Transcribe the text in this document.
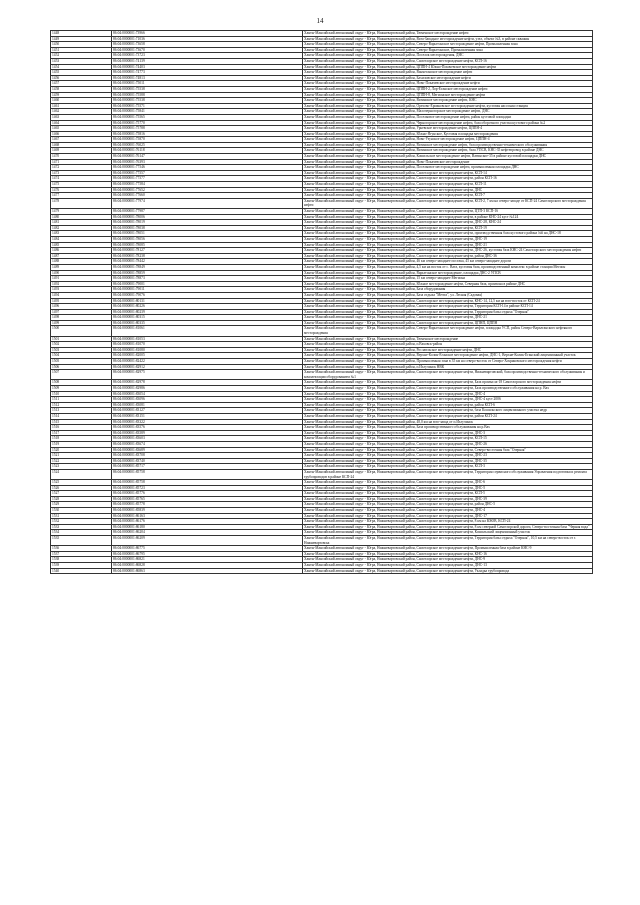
14
1448	86:04:0000001:73966	Ханты-Мансийский автономный округ - Югра, Нижневартовский район, Тюменское месторождение нефти
1449	86:04:0000001:71036	Ханты-Мансийский автономный округ - Югра, Нижневартовский район, Вата-Западное месторождение нефти, узел, объект №3, в районе скважин
1450	86:04:0000001:73658	Ханты-Мансийский автономный округ - Югра, Нижневартовский район, Северо-Варьеганское месторождение нефти, Промышленная зона
1451	86:04:0000001:73670	Ханты-Мансийский автономный округ - Югра, Нижневартовский район, Северо-Варьеганское, Промышленная зона
1452	86:04:0000001:73723	Ханты-Мансийский автономный округ - Югра, Нижневартовский район, Поселок месторождения, ДНС
1453	86:04:0000001:74139	Ханты-Мансийский автономный округ - Югра, Нижневартовский район, Самотлорское месторождение нефти, КСП-16
1454	86:04:0000001:74403	Ханты-Мансийский автономный округ - Югра, Нижневартовский район, ЦППН-4 Южно-Покачевское месторождение нефти
1455	86:04:0000001:74773	Ханты-Мансийский автономный округ - Югра, Нижневартовский район, Ванъеганское месторождение нефти
1456	86:04:0000001:74813	Ханты-Мансийский автономный округ - Югра, Нижневартовский район, Бахиловское месторождение нефти
1457	86:04:0000001:75011	Ханты-Мансийский автономный округ - Югра, Нижневартовский район, Ново-Покачевское месторождение нефти
1458	86:04:0000001:75538	Ханты-Мансийский автономный округ - Югра, Нижневартовский район, ЦППН-2, Лор-Еганское месторождение нефти
1459	86:04:0000001:75588	Ханты-Мансийский автономный округ - Югра, Нижневартовский район, ЦППН-8, Мегионское месторождение нефти
1460	86:04:0000001:75538	Ханты-Мансийский автономный округ - Югра, Нижневартовский район, Ватинское месторождение нефти, КНС
1461	86:04:0000001:75571	Ханты-Мансийский автономный округ - Югра, Нижневартовский район, Орехово-Ермаковское месторождение нефти, кустовая насосная станция
1462	86:04:0000001:75841	Ханты-Мансийский автономный округ - Югра, Нижневартовский район, Малочерногорское месторождение нефти, ДНС
1463	86:04:0000001:75565	Ханты-Мансийский автономный округ - Югра, Нижневартовский район, Поселковое месторождение нефти, район кустовой площадки
1464	86:04:0000001:75770	Ханты-Мансийский автономный округ - Югра, Нижневартовский район, Черногорское месторождение нефти, база оборотного участка кустового района №2
1465	86:04:0000001:75788	Ханты-Мансийский автономный округ - Югра, Нижневартовский район, Урьевское месторождение нефти, ЦППН-4
1466	86:04:0000001:75816	Ханты-Мансийский автономный округ - Югра, Нижневартовский район, Южно-Ягунское, Кустовая площадка месторождения
1467	86:04:0000001:75870	Ханты-Мансийский автономный округ - Югра, Нижневартовский район, Ново-Узунское месторождение нефти, ЦППН-4
1468	86:04:0000001:76025	Ханты-Мансийский автономный округ - Югра, Нижневартовский район, Ватинское месторождение нефти, база производственно-технического обслуживания
1469	86:04:0000001:76118	Ханты-Мансийский автономный округ - Югра, Нижневартовский район, Ватинское месторождение нефти, база УПСВ, КНС-35 нефтепровод в районе ДНС
1470	86:04:0000001:76147	Ханты-Мансийский автономный округ - Югра, Нижневартовский район, Кошильское месторождение нефти, Ватинское-35 в районе кустовой площадки ДНС
1471	86:04:0000001:76393	Ханты-Мансийский автономный округ - Югра, Нижневартовский район, Ново-Покачевское месторождение
1472	86:04:0000001:77546	Ханты-Мансийский автономный округ - Югра, Нижневартовский район, Поселковое месторождение нефти, промышленная площадка ДНС
1473	86:04:0000001:77557	Ханты-Мансийский автономный округ - Югра, Нижневартовский район, Самотлорское месторождение нефти, КСП-14
1474	86:04:0000001:77577	Ханты-Мансийский автономный округ - Югра, Нижневартовский район, Самотлорское месторождение нефти, район КСП-16
1475	86:04:0000001:77584	Ханты-Мансийский автономный округ - Югра, Нижневартовский район, Самотлорское месторождение нефти, КСП-11
1476	86:04:0000001:77652	Ханты-Мансийский автономный округ - Югра, Нижневартовский район, Самотлорское месторождение нефти, ДНС
1477	86:04:0000001:77660	Ханты-Мансийский автономный округ - Югра, Нижневартовский район, Самотлорское месторождение нефти, КСП-7
1478	86:04:0000001:77974	Ханты-Мансийский автономный округ - Югра, Нижневартовский район, Самотлорское месторождение нефти, КСП-2, 7 км на северо-западе от КСП-24 Самотлорского месторождения нефти
1479	86:04:0000001:77987	Ханты-Мансийский автономный округ - Югра, Нижневартовский район, Самотлорское месторождение нефти, ЦТП-3 КСП-16
1480	86:04:0000001:78006	Ханты-Мансийский автономный округ - Югра, Нижневартовский район, Самотлорское месторождение нефти, в районе КНС-24 куст №124
1481	86:04:0000001:78019	Ханты-Мансийский автономный округ - Югра, Нижневартовский район, Самотлорское месторождение нефти, ДНС-28, КНС-24
1482	86:04:0000001:78038	Ханты-Мансийский автономный округ - Югра, Нижневартовский район, Самотлорское месторождение нефти, КСП-19
1483	86:04:0000001:78051	Ханты-Мансийский автономный округ - Югра, Нижневартовский район, Самотлорское месторождение нефти, производственная база кустового района №6 на ДНС-18
1484	86:04:0000001:78056	Ханты-Мансийский автономный округ - Югра, Нижневартовский район, Самотлорское месторождение нефти, ДНС-19
1485	86:04:0000001:78085	Ханты-Мансийский автономный округ - Югра, Нижневартовский район, Самотлорское месторождение нефти, ДНС-21
1486	86:04:0000001:78127	Ханты-Мансийский автономный округ - Югра, Нижневартовский район, Самотлорское месторождение нефти, ДНС-26, кустовая база КНС-24 Самотлорского месторождения нефти
1487	86:04:0000001:78238	Ханты-Мансийский автономный округ - Югра, Нижневартовский район, Самотлорское месторождение нефти, район ДНС-36
1488	86:04:0000001:78442	Ханты-Мансийский автономный округ - Югра, Нижневартовский район, 46 км северо-западнее поселка, 45 км северо-западнее дороги
1489	86:04:0000001:78849	Ханты-Мансийский автономный округ - Югра, Нижневартовский район, 4,5 км на восток от с. Вата, кустовая база, производственный комплекс в районе станции Мегион
1490	86:04:0000001:78859	Ханты-Мансийский автономный округ - Югра, Нижневартовский район, Варьеганское месторождение, площадка ДНС-2 УПСВ
1491	86:04:0000001:78873	Ханты-Мансийский автономный округ - Югра, Нижневартовский район, 15 км северо-западнее Мегиона
1492	86:04:0000001:79001	Ханты-Мансийский автономный округ - Югра, Нижневартовский район, Южное месторождение нефти, Северная база, промзона в районе ДНС
1493	86:04:0000001:79011	Ханты-Мансийский автономный округ - Югра, Нижневартовский район, База оборудования
1494	86:04:0000001:79076	Ханты-Мансийский автономный округ - Югра, Нижневартовский район, База отдыха "Мечта", ул. Лесная (Садовая)
1495	86:04:0000001:80131	Ханты-Мансийский автономный округ - Югра, Нижневартовский район, Самотлорское месторождение нефти, КНС-14, 12,5 км на юго-восток от КСП-24
1496	86:04:0000001:80226	Ханты-Мансийский автономный округ - Югра, Нижневартовский район, Самотлорское месторождение нефти, Территория КСП-14 в районе КСП-14
1497	86:04:0000001:80239	Ханты-Мансийский автономный округ - Югра, Нижневартовский район, Самотлорское месторождение нефти, Территория базы отдыха "Озерная"
1498	86:04:0000001:80315	Ханты-Мансийский автономный округ - Югра, Нижневартовский район, Самотлорское месторождение нефти, ДНС-21
1499	86:04:0000001:80335	Ханты-Мансийский автономный округ - Югра, Нижневартовский район, Самотлорское месторождение нефти, ЦПНП, ЦППН
1500	86:04:0000001:81061	Ханты-Мансийский автономный округ - Югра, Нижневартовский район, Северо-Варьеганское месторождение нефти, площадка УСП, район Северо-Варьеганского нефтяного месторождения
1501	86:04:0000001:81053	Ханты-Мансийский автономный округ - Югра, Нижневартовский район, Тюменское месторождение
1502	86:04:0000001:81070	Ханты-Мансийский автономный округ - Югра, Нижневартовский район, п.Ваховск-район
1503	86:04:0000001:81080	Ханты-Мансийский автономный округ - Югра, Нижневартовский район, Рославльское месторождение нефти, ДНС
1504	86:04:0000001:82005	Ханты-Мансийский автономный округ - Югра, Нижневартовский район, Верхне-Колик-Еганское месторождение нефти, ДНС-1, Верхне-Колик-Еганский лицензионный участок
1505	86:04:0000001:82422	Ханты-Мансийский автономный округ - Югра, Нижневартовский район, Промышленная зона в 35 км на северо-восток от Северо-Хохряковского месторождения нефти
1506	86:04:0000001:82912	Ханты-Мансийский автономный округ - Югра, Нижневартовский район, п.Излучинск НВК
1507	86:04:0000001:82975	Ханты-Мансийский автономный округ - Югра, Нижневартовский район, Самотлорское месторождение нефти, Нижневартовский, база производственно-технического обслуживания и комплектации оборудованием №1
1508	86:04:0000001:82978	Ханты-Мансийский автономный округ - Югра, Нижневартовский район, Самотлорское месторождение нефти, База промысла-18 Самотлорского месторождения нефти
1509	86:04:0000001:82986	Ханты-Мансийский автономный округ - Югра, Нижневартовский район, Самотлорское месторождение нефти, База производственного обслуживания на р. Вах
1510	86:04:0000001:83054	Ханты-Мансийский автономный округ - Югра, Нижневартовский район, Самотлорское месторождение нефти, ДНС-4
1511	86:04:0000001:83096	Ханты-Мансийский автономный округ - Югра, Нижневартовский район, Самотлорское месторождение нефти, ДНС-4 куст 2006
1512	86:04:0000001:83081	Ханты-Мансийский автономный округ - Югра, Нижневартовский район, Самотлорское месторождение нефти, район КСП-6
1513	86:04:0000001:83127	Ханты-Мансийский автономный округ - Югра, Нижневартовский район, Самотлорское месторождение нефти, база Кошильского лицензионного участка недр
1514	86:04:0000001:83151	Ханты-Мансийский автономный округ - Югра, Нижневартовский район, Самотлорское месторождение нефти, район КСП-24
1515	86:04:0000001:83322	Ханты-Мансийский автономный округ - Югра, Нижневартовский район, 48,0 км на юго-запад от п.Излучинск
1516	86:04:0000001:83576	Ханты-Мансийский автономный округ - Югра, Нижневартовский район, База производственного обслуживания на р.Вах
1517	86:04:0000001:83589	Ханты-Мансийский автономный округ - Югра, Нижневартовский район, Самотлорское месторождение нефти, ДНС-3
1518	86:04:0000001:83603	Ханты-Мансийский автономный округ - Югра, Нижневартовский район, Самотлорское месторождение нефти, КСП-15
1519	86:04:0000001:83674	Ханты-Мансийский автономный округ - Югра, Нижневартовский район, Самотлорское месторождение нефти, ДНС-26
1520	86:04:0000001:83689	Ханты-Мансийский автономный округ - Югра, Нижневартовский район, Самотлорское месторождение нефти, Северо-восточная база "Озерная"
1521	86:04:0000001:83708	Ханты-Мансийский автономный округ - Югра, Нижневартовский район, Самотлорское месторождение нефти, ДНС-23
1522	86:04:0000001:83740	Ханты-Мансийский автономный округ - Югра, Нижневартовский район, Самотлорское месторождение нефти, ДНС-35
1523	86:04:0000001:85717	Ханты-Мансийский автономный округ - Югра, Нижневартовский район, Самотлорское месторождение нефти, КСП-3
1524	86:04:0000001:85758	Ханты-Мансийский автономный округ - Югра, Нижневартовский район, Самотлорское месторождение нефти, Территория сервисного обслуживания Управления подготовки и ремонта трубопроводов в районе КСП-24
1525	86:04:0000001:85758	Ханты-Мансийский автономный округ - Югра, Нижневартовский район, Самотлорское месторождение нефти, ДНС-6
1526	86:04:0000001:85723	Ханты-Мансийский автономный округ - Югра, Нижневартовский район, Самотлорское месторождение нефти, ДНС-5
1527	86:04:0000001:85776	Ханты-Мансийский автономный округ - Югра, Нижневартовский район, Самотлорское месторождение нефти, КСП-5
1528	86:04:0000001:85765	Ханты-Мансийский автономный округ - Югра, Нижневартовский район, Самотлорское месторождение нефти, ДНС-39
1529	86:04:0000001:85778	Ханты-Мансийский автономный округ - Югра, Нижневартовский район, Самотлорское месторождение нефти, район ДНС-5
1530	86:04:0000001:85839	Ханты-Мансийский автономный округ - Югра, Нижневартовский район, Самотлорское месторождение нефти, ДНС-4
1531	86:04:0000001:86163	Ханты-Мансийский автономный округ - Югра, Нижневартовский район, Самотлорское месторождение нефти, ДНС-17
1532	86:04:0000001:86176	Ханты-Мансийский автономный округ - Югра, Нижневартовский район, Самотлорское месторождение нефти, 8 км на ЮЮВ, КСП-24
1533	86:04:0000001:86180	Ханты-Мансийский автономный округ - Югра, Нижневартовский район, Самотлорское месторождение нефти, 8 км северной Самотлорской дороги, Северо-восточная база "Черная вода"
1534	86:04:0000001:86204	Ханты-Мансийский автономный округ - Югра, Нижневартовский район, Самотлорское месторождение нефти, Кошильский лицензионный участок
1535	86:04:0000001:86209	Ханты-Мансийский автономный округ - Югра, Нижневартовский район, Самотлорское месторождение нефти, Территория базы отдыха "Озерная", 10,5 км на северо-восток от г. Нижневартовска
1536	86:04:0000001:86775	Ханты-Мансийский автономный округ - Югра, Нижневартовский район, Самотлорское месторождение нефти, Промышленная база в районе КНС-9
1537	86:04:0000001:86795	Ханты-Мансийский автономный округ - Югра, Нижневартовский район, Самотлорское месторождение нефти, КНС-16
1538	86:04:0000001:86821	Ханты-Мансийский автономный округ - Югра, Нижневартовский район, Самотлорское месторождение нефти, ДНС-9
1539	86:04:0000001:86828	Ханты-Мансийский автономный округ - Югра, Нижневартовский район, Самотлорское месторождение нефти, ДНС-13
1540	86:04:0000001:86863	Ханты-Мансийский автономный округ - Югра, Нижневартовский район, Самотлорское месторождение нефти, Укладка трубопровода
